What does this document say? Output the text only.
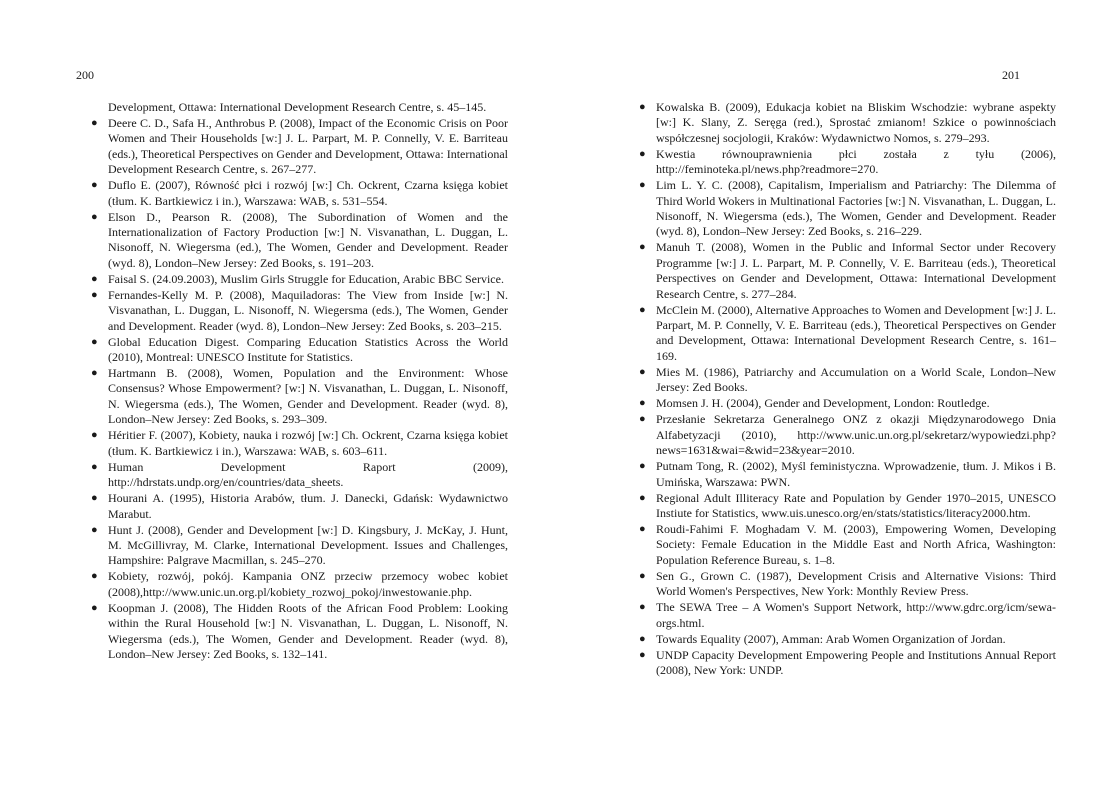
200	201

Development, Ottawa: International Development Research Centre, s. 45–145.

● Deere C. D., Safa H., Anthrobus P. (2008), Impact of the Economic Crisis on Poor Women and Their Households [w:] J. L. Parpart, M. P. Connelly, V. E. Barriteau (eds.), Theoretical Perspectives on Gender and Development, Ottawa: International Development Research Centre, s. 267–277.
● Duflo E. (2007), Równość płci i rozwój [w:] Ch. Ockrent, Czarna księga kobiet (tłum. K. Bartkiewicz i in.), Warszawa: WAB, s. 531–554.
● Elson D., Pearson R. (2008), The Subordination of Women and the Internationalization of Factory Production [w:] N. Visvanathan, L. Duggan, L. Nisonoff, N. Wiegersma (ed.), The Women, Gender and Development. Reader (wyd. 8), London–New Jersey: Zed Books, s. 191–203.
● Faisal S. (24.09.2003), Muslim Girls Struggle for Education, Arabic BBC Service.
● Fernandes-Kelly M. P. (2008), Maquiladoras: The View from Inside [w:] N. Visvanathan, L. Duggan, L. Nisonoff, N. Wiegersma (eds.), The Women, Gender and Development. Reader (wyd. 8), London–New Jersey: Zed Books, s. 203–215.
● Global Education Digest. Comparing Education Statistics Across the World (2010), Montreal: UNESCO Institute for Statistics.
● Hartmann B. (2008), Women, Population and the Environment: Whose Consensus? Whose Empowerment? [w:] N. Visvanathan, L. Duggan, L. Nisonoff, N. Wiegersma (eds.), The Women, Gender and Development. Reader (wyd. 8), London–New Jersey: Zed Books, s. 293–309.
● Héritier F. (2007), Kobiety, nauka i rozwój [w:] Ch. Ockrent, Czarna księga kobiet (tłum. K. Bartkiewicz i in.), Warszawa: WAB, s. 603–611.
● Human Development Raport (2009), http://hdrstats.undp.org/en/countries/data_sheets.
● Hourani A. (1995), Historia Arabów, tłum. J. Danecki, Gdańsk: Wydawnictwo Marabut.
● Hunt J. (2008), Gender and Development [w:] D. Kingsbury, J. McKay, J. Hunt, M. McGillivray, M. Clarke, International Development. Issues and Challenges, Hampshire: Palgrave Macmillan, s. 245–270.
● Kobiety, rozwój, pokój. Kampania ONZ przeciw przemocy wobec kobiet (2008),http://www.unic.un.org.pl/kobiety_rozwoj_pokoj/inwestowanie.php.
● Koopman J. (2008), The Hidden Roots of the African Food Problem: Looking within the Rural Household [w:] N. Visvanathan, L. Duggan, L. Nisonoff, N. Wiegersma (eds.), The Women, Gender and Development. Reader (wyd. 8), London–New Jersey: Zed Books, s. 132–141.
● Kowalska B. (2009), Edukacja kobiet na Bliskim Wschodzie: wybrane aspekty [w:] K. Slany, Z. Seręga (red.), Sprostać zmianom! Szkice o powinnościach współczesnej socjologii, Kraków: Wydawnictwo Nomos, s. 279–293.
● Kwestia równouprawnienia płci została z tyłu (2006), http://feminoteka.pl/news.php?readmore=270.
● Lim L. Y. C. (2008), Capitalism, Imperialism and Patriarchy: The Dilemma of Third World Wokers in Multinational Factories [w:] N. Visvanathan, L. Duggan, L. Nisonoff, N. Wiegersma (eds.), The Women, Gender and Development. Reader (wyd. 8), London–New Jersey: Zed Books, s. 216–229.
● Manuh T. (2008), Women in the Public and Informal Sector under Recovery Programme [w:] J. L. Parpart, M. P. Connelly, V. E. Barriteau (eds.), Theoretical Perspectives on Gender and Development, Ottawa: International Development Research Centre, s. 277–284.
● McClein M. (2000), Alternative Approaches to Women and Development [w:] J. L. Parpart, M. P. Connelly, V. E. Barriteau (eds.), Theoretical Perspectives on Gender and Development, Ottawa: International Development Research Centre, s. 161–169.
● Mies M. (1986), Patriarchy and Accumulation on a World Scale, London–New Jersey: Zed Books.
● Momsen J. H. (2004), Gender and Development, London: Routledge.
● Przesłanie Sekretarza Generalnego ONZ z okazji Międzynarodowego Dnia Alfabetyzacji (2010), http://www.unic.un.org.pl/sekretarz/wypowiedzi.php?news=1631&wai=&wid=23&year=2010.
● Putnam Tong, R. (2002), Myśl feministyczna. Wprowadzenie, tłum. J. Mikos i B. Umińska, Warszawa: PWN.
● Regional Adult Illiteracy Rate and Population by Gender 1970–2015, UNESCO Instiute for Statistics, www.uis.unesco.org/en/stats/statistics/literacy2000.htm.
● Roudi-Fahimi F. Moghadam V. M. (2003), Empowering Women, Developing Society: Female Education in the Middle East and North Africa, Washington: Population Reference Bureau, s. 1–8.
● Sen G., Grown C. (1987), Development Crisis and Alternative Visions: Third World Women's Perspectives, New York: Monthly Review Press.
● The SEWA Tree – A Women's Support Network, http://www.gdrc.org/icm/sewa-orgs.html.
● Towards Equality (2007), Amman: Arab Women Organization of Jordan.
● UNDP Capacity Development Empowering People and Institutions Annual Report (2008), New York: UNDP.
